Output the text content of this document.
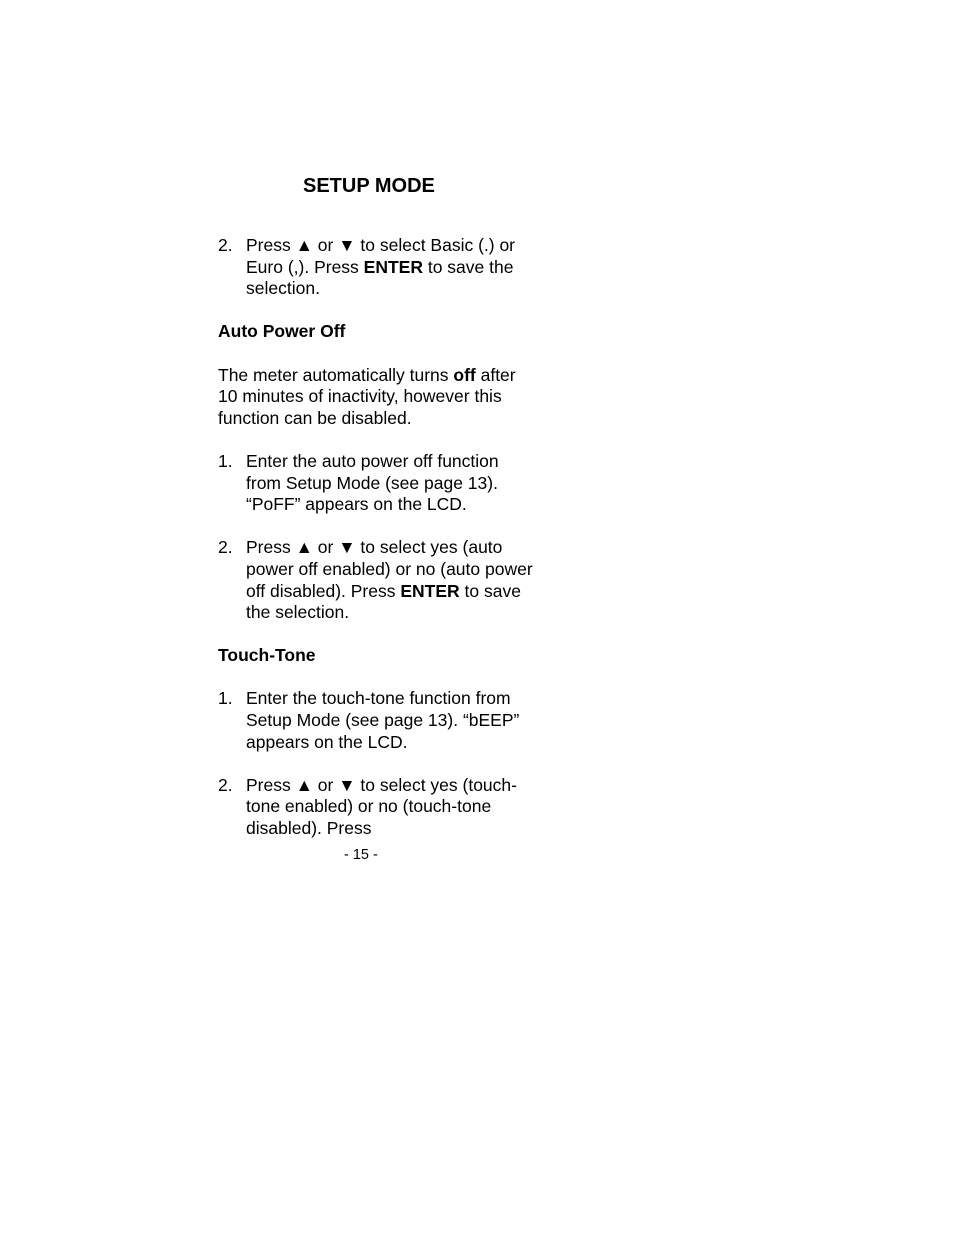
SETUP MODE
2. Press ▲ or ▼ to select Basic (.) or Euro (,). Press ENTER to save the selection.

Auto Power Off

The meter automatically turns off after 10 minutes of inactivity, however this function can be disabled.

1. Enter the auto power off function from Setup Mode (see page 13). “PoFF” appears on the LCD.
2. Press ▲ or ▼ to select yes (auto power off enabled) or no (auto power off disabled). Press ENTER to save the selection.

Touch-Tone

1. Enter the touch-tone function from Setup Mode (see page 13). “bEEP” appears on the LCD.
2. Press ▲ or ▼ to select yes (touch-tone enabled) or no (touch-tone disabled). Press
- 15 -
